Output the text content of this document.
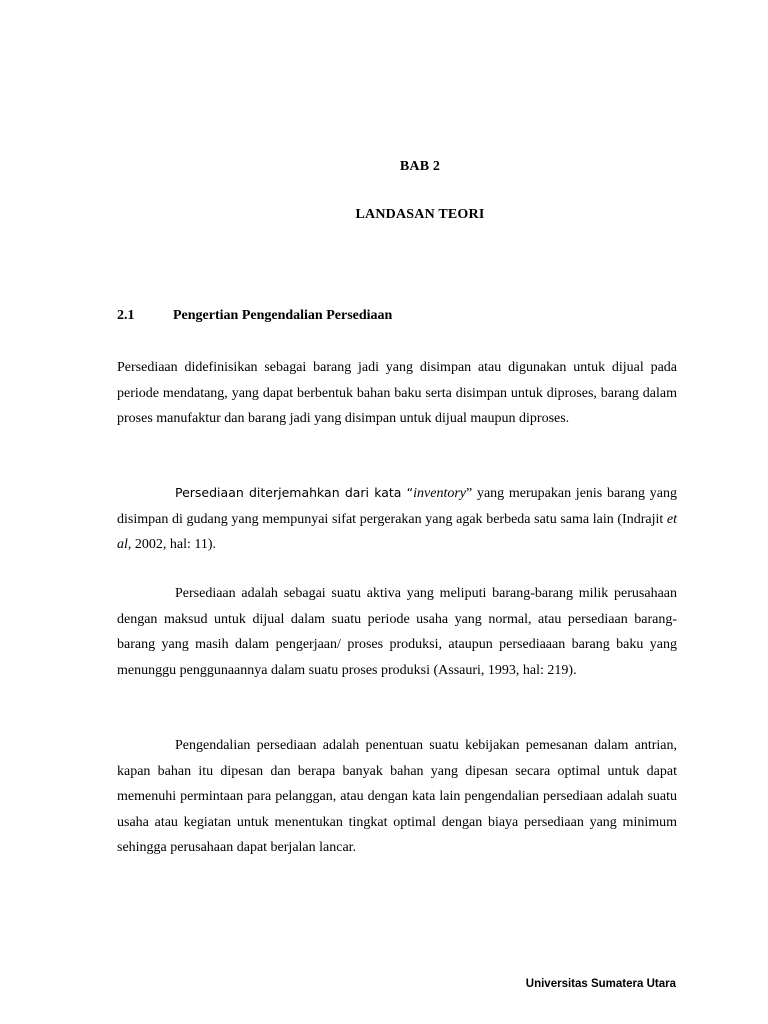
BAB 2
LANDASAN TEORI
2.1	Pengertian Pengendalian Persediaan

Persediaan didefinisikan sebagai barang jadi yang disimpan atau digunakan untuk dijual pada periode mendatang, yang dapat berbentuk bahan baku serta disimpan untuk diproses, barang dalam proses manufaktur dan barang jadi yang disimpan untuk dijual maupun diproses.

Persediaan diterjemahkan dari kata “inventory” yang merupakan jenis barang yang disimpan di gudang yang mempunyai sifat pergerakan yang agak berbeda satu sama lain (Indrajit et al, 2002, hal: 11).

Persediaan adalah sebagai suatu aktiva yang meliputi barang-barang milik perusahaan dengan maksud untuk dijual dalam suatu periode usaha yang normal, atau persediaan barang-barang yang masih dalam pengerjaan/ proses produksi, ataupun persediaaan barang baku yang menunggu penggunaannya dalam suatu proses produksi (Assauri, 1993, hal: 219).

Pengendalian persediaan adalah penentuan suatu kebijakan pemesanan dalam antrian, kapan bahan itu dipesan dan berapa banyak bahan yang dipesan secara optimal untuk dapat memenuhi permintaan para pelanggan, atau dengan kata lain pengendalian persediaan adalah suatu usaha atau kegiatan untuk menentukan tingkat optimal dengan biaya persediaan yang minimum sehingga perusahaan dapat berjalan lancar.

Universitas Sumatera Utara
